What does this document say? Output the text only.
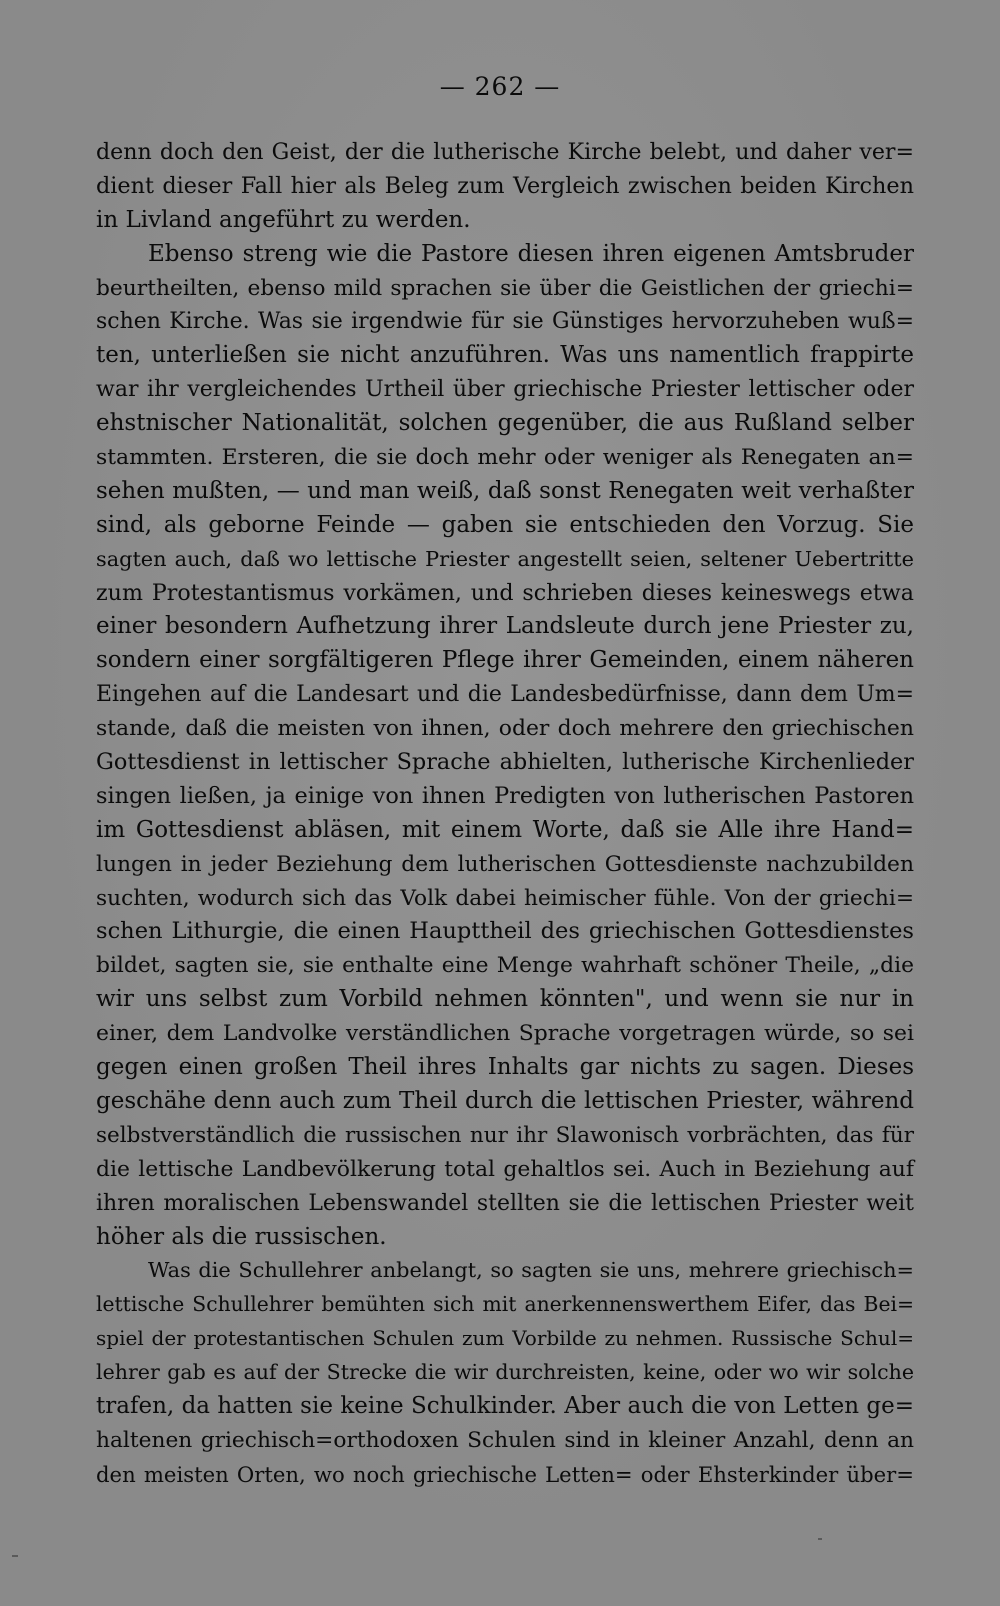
— 262 —
denn doch den Geist, der die lutherische Kirche belebt, und daher ver=
dient dieser Fall hier als Beleg zum Vergleich zwischen beiden Kirchen
in Livland angeführt zu werden.
Ebenso streng wie die Pastore diesen ihren eigenen Amtsbruder
beurtheilten, ebenso mild sprachen sie über die Geistlichen der griechi=
schen Kirche. Was sie irgendwie für sie Günstiges hervorzuheben wuß=
ten, unterließen sie nicht anzuführen. Was uns namentlich frappirte
war ihr vergleichendes Urtheil über griechische Priester lettischer oder
ehstnischer Nationalität, solchen gegenüber, die aus Rußland selber
stammten. Ersteren, die sie doch mehr oder weniger als Renegaten an=
sehen mußten, — und man weiß, daß sonst Renegaten weit verhaßter
sind, als geborne Feinde — gaben sie entschieden den Vorzug. Sie
sagten auch, daß wo lettische Priester angestellt seien, seltener Uebertritte
zum Protestantismus vorkämen, und schrieben dieses keineswegs etwa
einer besondern Aufhetzung ihrer Landsleute durch jene Priester zu,
sondern einer sorgfältigeren Pflege ihrer Gemeinden, einem näheren
Eingehen auf die Landesart und die Landesbedürfnisse, dann dem Um=
stande, daß die meisten von ihnen, oder doch mehrere den griechischen
Gottesdienst in lettischer Sprache abhielten, lutherische Kirchenlieder
singen ließen, ja einige von ihnen Predigten von lutherischen Pastoren
im Gottesdienst abläsen, mit einem Worte, daß sie Alle ihre Hand=
lungen in jeder Beziehung dem lutherischen Gottesdienste nachzubilden
suchten, wodurch sich das Volk dabei heimischer fühle. Von der griechi=
schen Lithurgie, die einen Haupttheil des griechischen Gottesdienstes
bildet, sagten sie, sie enthalte eine Menge wahrhaft schöner Theile, „die
wir uns selbst zum Vorbild nehmen könnten", und wenn sie nur in
einer, dem Landvolke verständlichen Sprache vorgetragen würde, so sei
gegen einen großen Theil ihres Inhalts gar nichts zu sagen. Dieses
geschähe denn auch zum Theil durch die lettischen Priester, während
selbstverständlich die russischen nur ihr Slawonisch vorbrächten, das für
die lettische Landbevölkerung total gehaltlos sei. Auch in Beziehung auf
ihren moralischen Lebenswandel stellten sie die lettischen Priester weit
höher als die russischen.
Was die Schullehrer anbelangt, so sagten sie uns, mehrere griechisch=
lettische Schullehrer bemühten sich mit anerkennenswerthem Eifer, das Bei=
spiel der protestantischen Schulen zum Vorbilde zu nehmen. Russische Schul=
lehrer gab es auf der Strecke die wir durchreisten, keine, oder wo wir solche
trafen, da hatten sie keine Schulkinder. Aber auch die von Letten ge=
haltenen griechisch=orthodoxen Schulen sind in kleiner Anzahl, denn an
den meisten Orten, wo noch griechische Letten= oder Ehsterkinder über=
